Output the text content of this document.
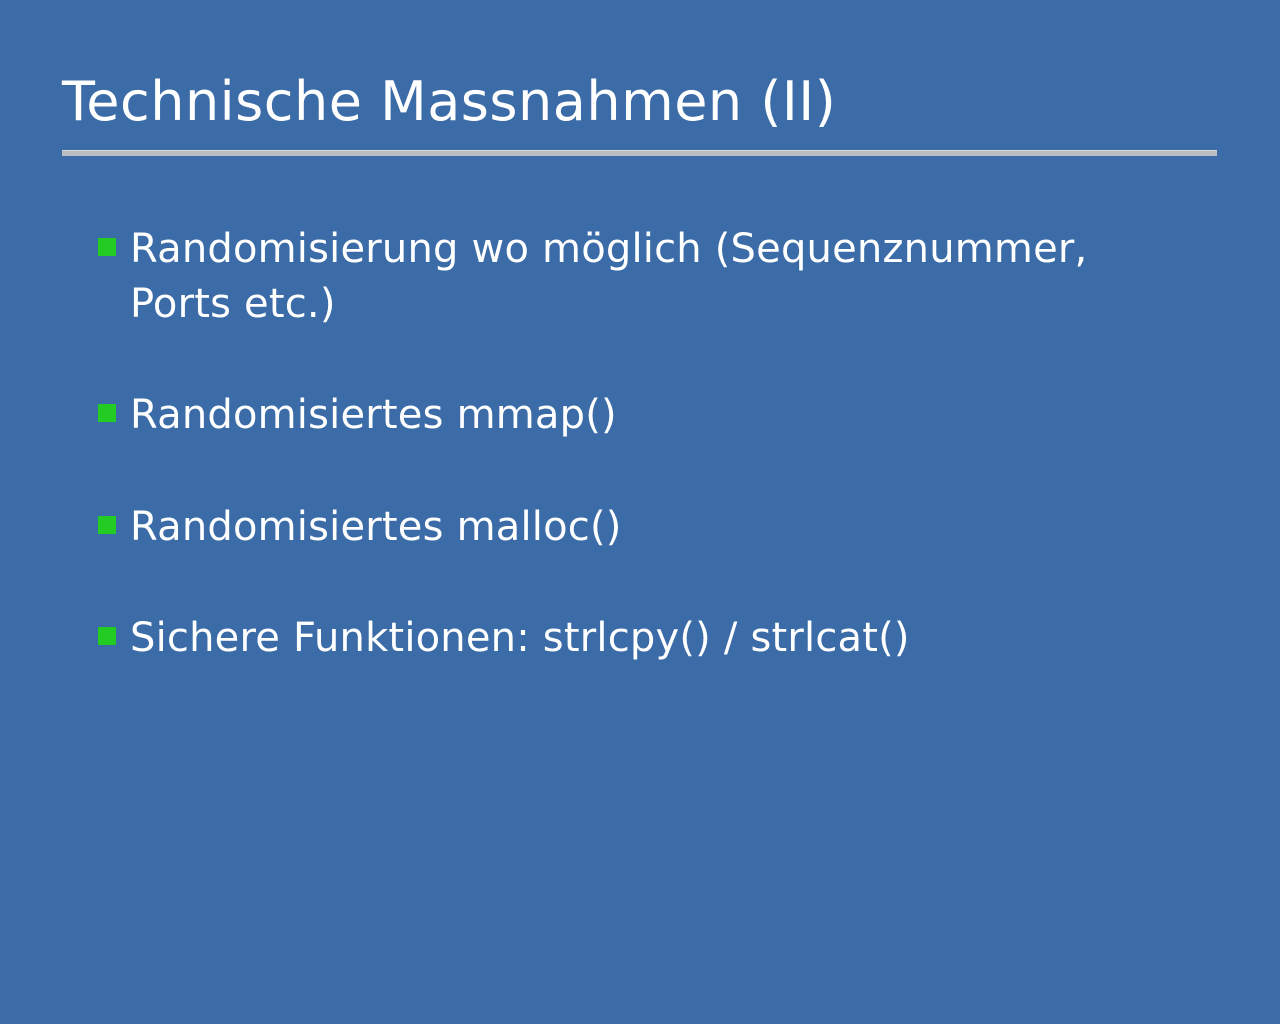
Technische Massnahmen (II)
Randomisierung wo möglich (Sequenznummer, Ports etc.)
Randomisiertes mmap()
Randomisiertes malloc()
Sichere Funktionen: strlcpy() / strlcat()
